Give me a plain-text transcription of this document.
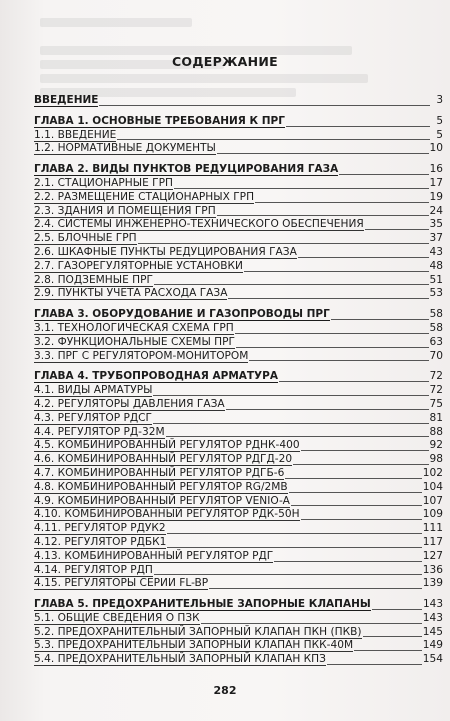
СОДЕРЖАНИЕ
ВВЕДЕНИЕ	3
ГЛАВА 1. ОСНОВНЫЕ ТРЕБОВАНИЯ К ПРГ	5
1.1. ВВЕДЕНИЕ	5
1.2. НОРМАТИВНЫЕ ДОКУМЕНТЫ	10
ГЛАВА 2. ВИДЫ ПУНКТОВ РЕДУЦИРОВАНИЯ ГАЗА	16
2.1. СТАЦИОНАРНЫЕ ГРП	17
2.2. РАЗМЕЩЕНИЕ СТАЦИОНАРНЫХ ГРП	19
2.3. ЗДАНИЯ И ПОМЕЩЕНИЯ ГРП	24
2.4. СИСТЕМЫ ИНЖЕНЕРНО-ТЕХНИЧЕСКОГО ОБЕСПЕЧЕНИЯ	35
2.5. БЛОЧНЫЕ ГРП	37
2.6. ШКАФНЫЕ ПУНКТЫ РЕДУЦИРОВАНИЯ ГАЗА	43
2.7. ГАЗОРЕГУЛЯТОРНЫЕ УСТАНОВКИ	48
2.8. ПОДЗЕМНЫЕ ПРГ	51
2.9. ПУНКТЫ УЧЕТА РАСХОДА ГАЗА	53
ГЛАВА 3. ОБОРУДОВАНИЕ И ГАЗОПРОВОДЫ ПРГ	58
3.1. ТЕХНОЛОГИЧЕСКАЯ СХЕМА ГРП	58
3.2. ФУНКЦИОНАЛЬНЫЕ СХЕМЫ ПРГ	63
3.3. ПРГ С РЕГУЛЯТОРОМ-МОНИТОРОМ	70
ГЛАВА 4. ТРУБОПРОВОДНАЯ АРМАТУРА	72
4.1. ВИДЫ АРМАТУРЫ	72
4.2. РЕГУЛЯТОРЫ ДАВЛЕНИЯ ГАЗА	75
4.3. РЕГУЛЯТОР РДСГ	81
4.4. РЕГУЛЯТОР РД-32М	88
4.5. КОМБИНИРОВАННЫЙ РЕГУЛЯТОР РДНК-400	92
4.6. КОМБИНИРОВАННЫЙ РЕГУЛЯТОР РДГД-20	98
4.7. КОМБИНИРОВАННЫЙ РЕГУЛЯТОР РДГБ-6	102
4.8. КОМБИНИРОВАННЫЙ РЕГУЛЯТОР RG/2MB	104
4.9. КОМБИНИРОВАННЫЙ РЕГУЛЯТОР VENIO-A	107
4.10. КОМБИНИРОВАННЫЙ РЕГУЛЯТОР РДК-50Н	109
4.11. РЕГУЛЯТОР РДУК2	111
4.12. РЕГУЛЯТОР РДБК1	117
4.13. КОМБИНИРОВАННЫЙ РЕГУЛЯТОР РДГ	127
4.14. РЕГУЛЯТОР РДП	136
4.15. РЕГУЛЯТОРЫ СЕРИИ FL-BP	139
ГЛАВА 5. ПРЕДОХРАНИТЕЛЬНЫЕ ЗАПОРНЫЕ КЛАПАНЫ	143
5.1. ОБЩИЕ СВЕДЕНИЯ О ПЗК	143
5.2. ПРЕДОХРАНИТЕЛЬНЫЙ ЗАПОРНЫЙ КЛАПАН ПКН (ПКВ)	145
5.3. ПРЕДОХРАНИТЕЛЬНЫЙ ЗАПОРНЫЙ КЛАПАН ПКК-40М	149
5.4. ПРЕДОХРАНИТЕЛЬНЫЙ ЗАПОРНЫЙ КЛАПАН КПЗ	154
282
